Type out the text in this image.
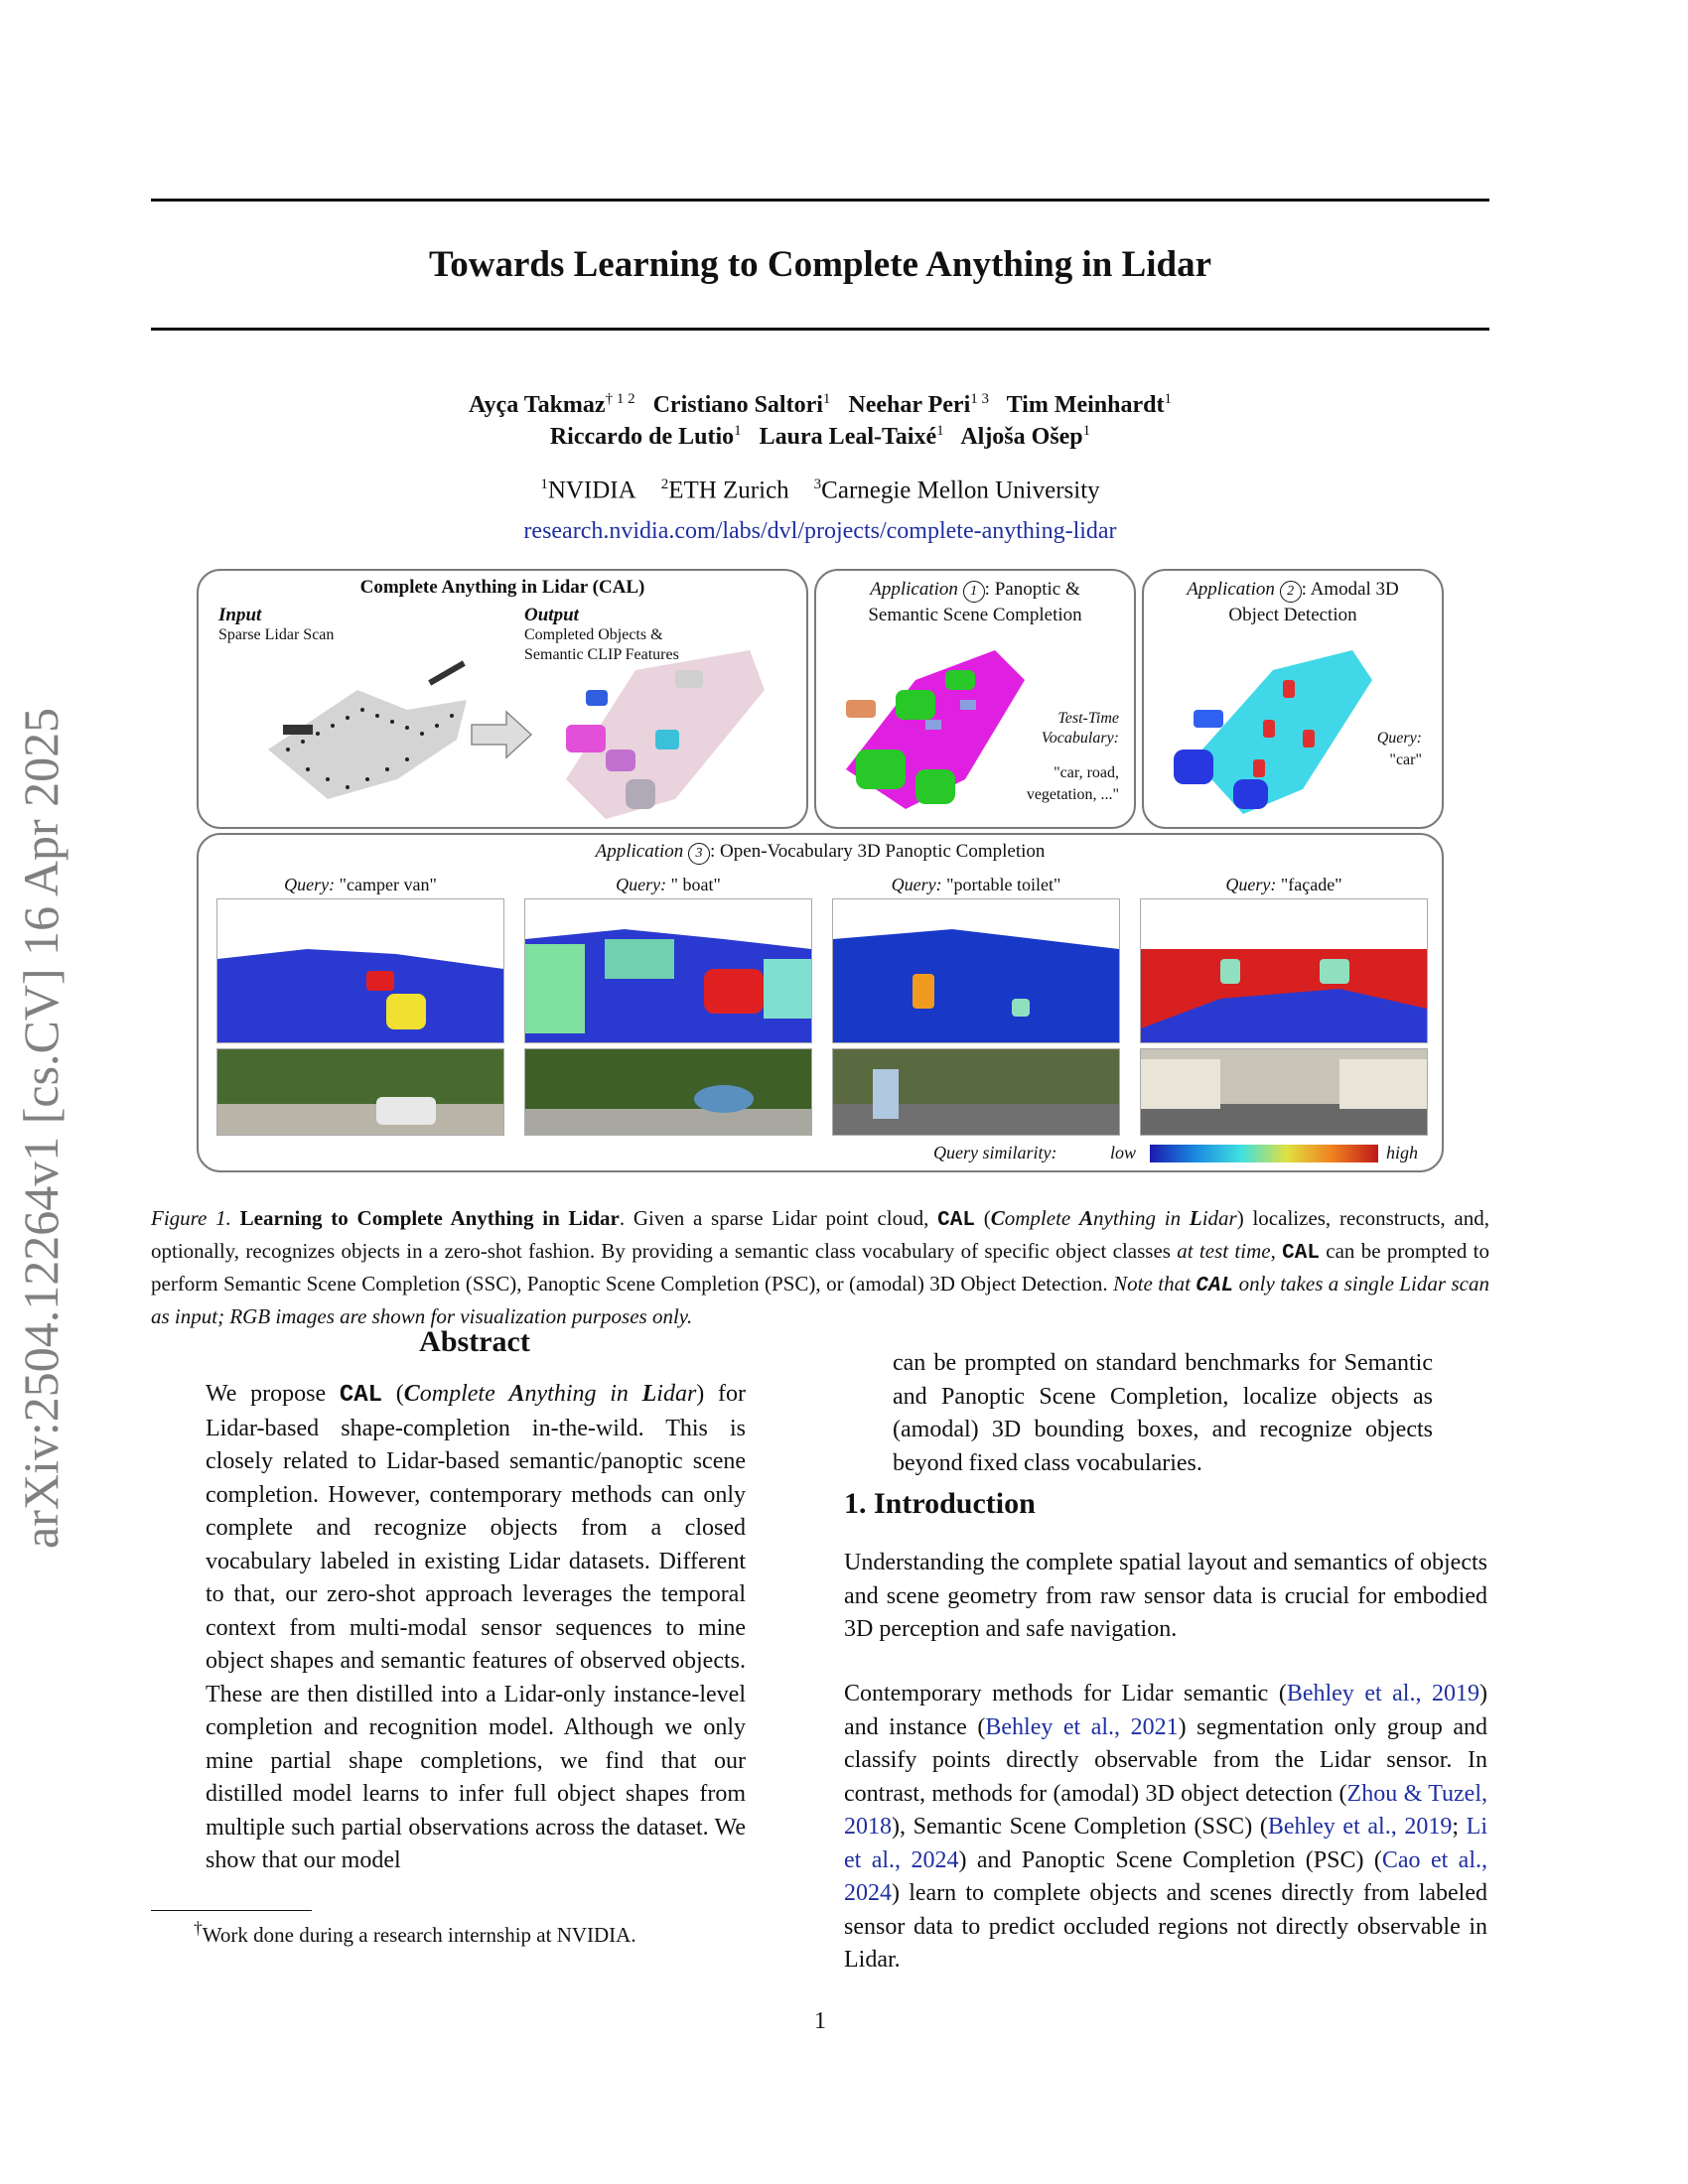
arXiv:2504.12264v1 [cs.CV] 16 Apr 2025
Towards Learning to Complete Anything in Lidar
Ayça Takmaz$^{\dagger 1 2}$ Cristiano Saltori$^1$ Neehar Peri$^{1 3}$ Tim Meinhardt$^1$
Riccardo de Lutio$^1$ Laura Leal-Taixé$^1$ Aljoša Ošep$^1$
$^1$NVIDIA $^2$ETH Zurich $^3$Carnegie Mellon University
research.nvidia.com/labs/dvl/projects/complete-anything-lidar
Complete Anything in Lidar (CAL)
Input
Sparse Lidar Scan
Output
Completed Objects &
Semantic CLIP Features
Application 1 : Panoptic &
Semantic Scene Completion
Test-Time
Vocabulary:
"car, road,
vegetation, ..."
Application 2 : Amodal 3D
Object Detection
Query:
"car"
Application 3 : Open-Vocabulary 3D Panoptic Completion
Query: "camper van"	Query: " boat"	Query: "portable toilet"	Query: "façade"
Query similarity:	low	high
Figure 1. Learning to Complete Anything in Lidar. Given a sparse Lidar point cloud, CAL (Complete Anything in Lidar) localizes, reconstructs, and, optionally, recognizes objects in a zero-shot fashion. By providing a semantic class vocabulary of specific object classes at test time, CAL can be prompted to perform Semantic Scene Completion (SSC), Panoptic Scene Completion (PSC), or (amodal) 3D Object Detection. Note that CAL only takes a single Lidar scan as input; RGB images are shown for visualization purposes only.
Abstract
We propose CAL (Complete Anything in Lidar) for Lidar-based shape-completion in-the-wild. This is closely related to Lidar-based semantic/panoptic scene completion. However, contemporary methods can only complete and recognize objects from a closed vocabulary labeled in existing Lidar datasets. Different to that, our zero-shot approach leverages the temporal context from multi-modal sensor sequences to mine object shapes and semantic features of observed objects. These are then distilled into a Lidar-only instance-level completion and recognition model. Although we only mine partial shape completions, we find that our distilled model learns to infer full object shapes from multiple such partial observations across the dataset. We show that our model
†Work done during a research internship at NVIDIA.
can be prompted on standard benchmarks for Semantic and Panoptic Scene Completion, localize objects as (amodal) 3D bounding boxes, and recognize objects beyond fixed class vocabularies.
1. Introduction
Understanding the complete spatial layout and semantics of objects and scene geometry from raw sensor data is crucial for embodied 3D perception and safe navigation.
Contemporary methods for Lidar semantic (Behley et al., 2019) and instance (Behley et al., 2021) segmentation only group and classify points directly observable from the Lidar sensor. In contrast, methods for (amodal) 3D object detection (Zhou & Tuzel, 2018), Semantic Scene Completion (SSC) (Behley et al., 2019; Li et al., 2024) and Panoptic Scene Completion (PSC) (Cao et al., 2024) learn to complete objects and scenes directly from labeled sensor data to predict occluded regions not directly observable in Lidar.
1
